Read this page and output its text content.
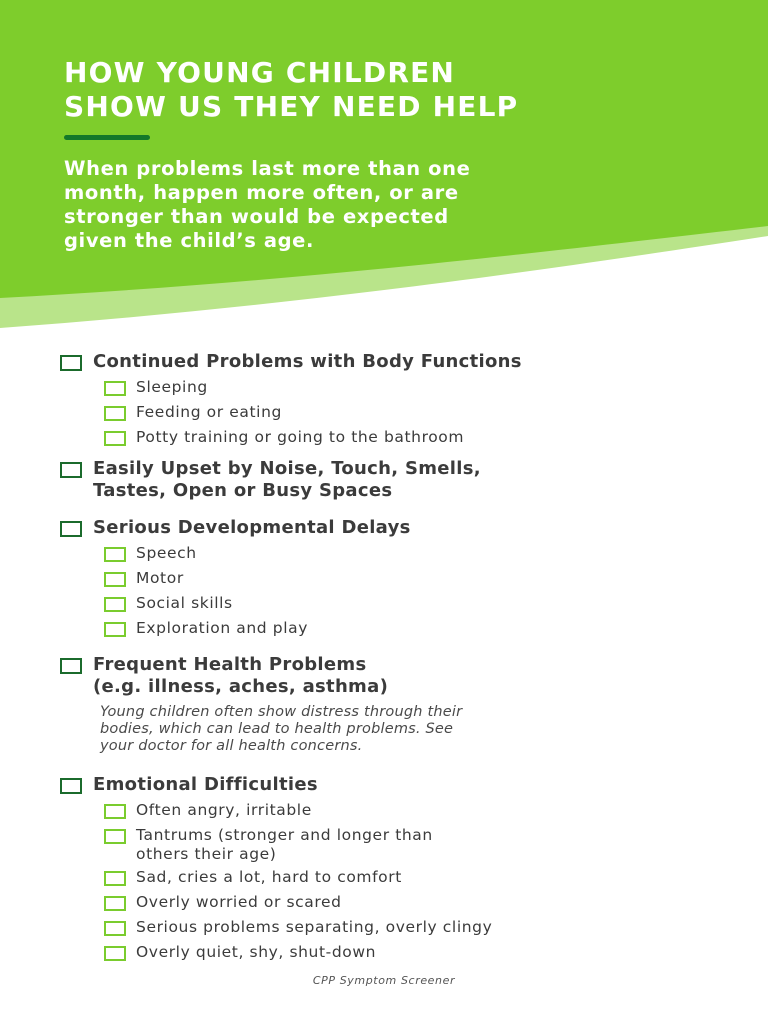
HOW YOUNG CHILDREN
SHOW US THEY NEED HELP

When problems last more than one
month, happen more often, or are
stronger than would be expected
given the child’s age.

Continued Problems with Body Functions
Sleeping
Feeding or eating
Potty training or going to the bathroom
Easily Upset by Noise, Touch, Smells,
Tastes, Open or Busy Spaces
Serious Developmental Delays
Speech
Motor
Social skills
Exploration and play
Frequent Health Problems
(e.g. illness, aches, asthma)
Young children often show distress through their
bodies, which can lead to health problems. See
your doctor for all health concerns.
Emotional Difficulties
Often angry, irritable
Tantrums (stronger and longer than
others their age)
Sad, cries a lot, hard to comfort
Overly worried or scared
Serious problems separating, overly clingy
Overly quiet, shy, shut-down
CPP Symptom Screener
